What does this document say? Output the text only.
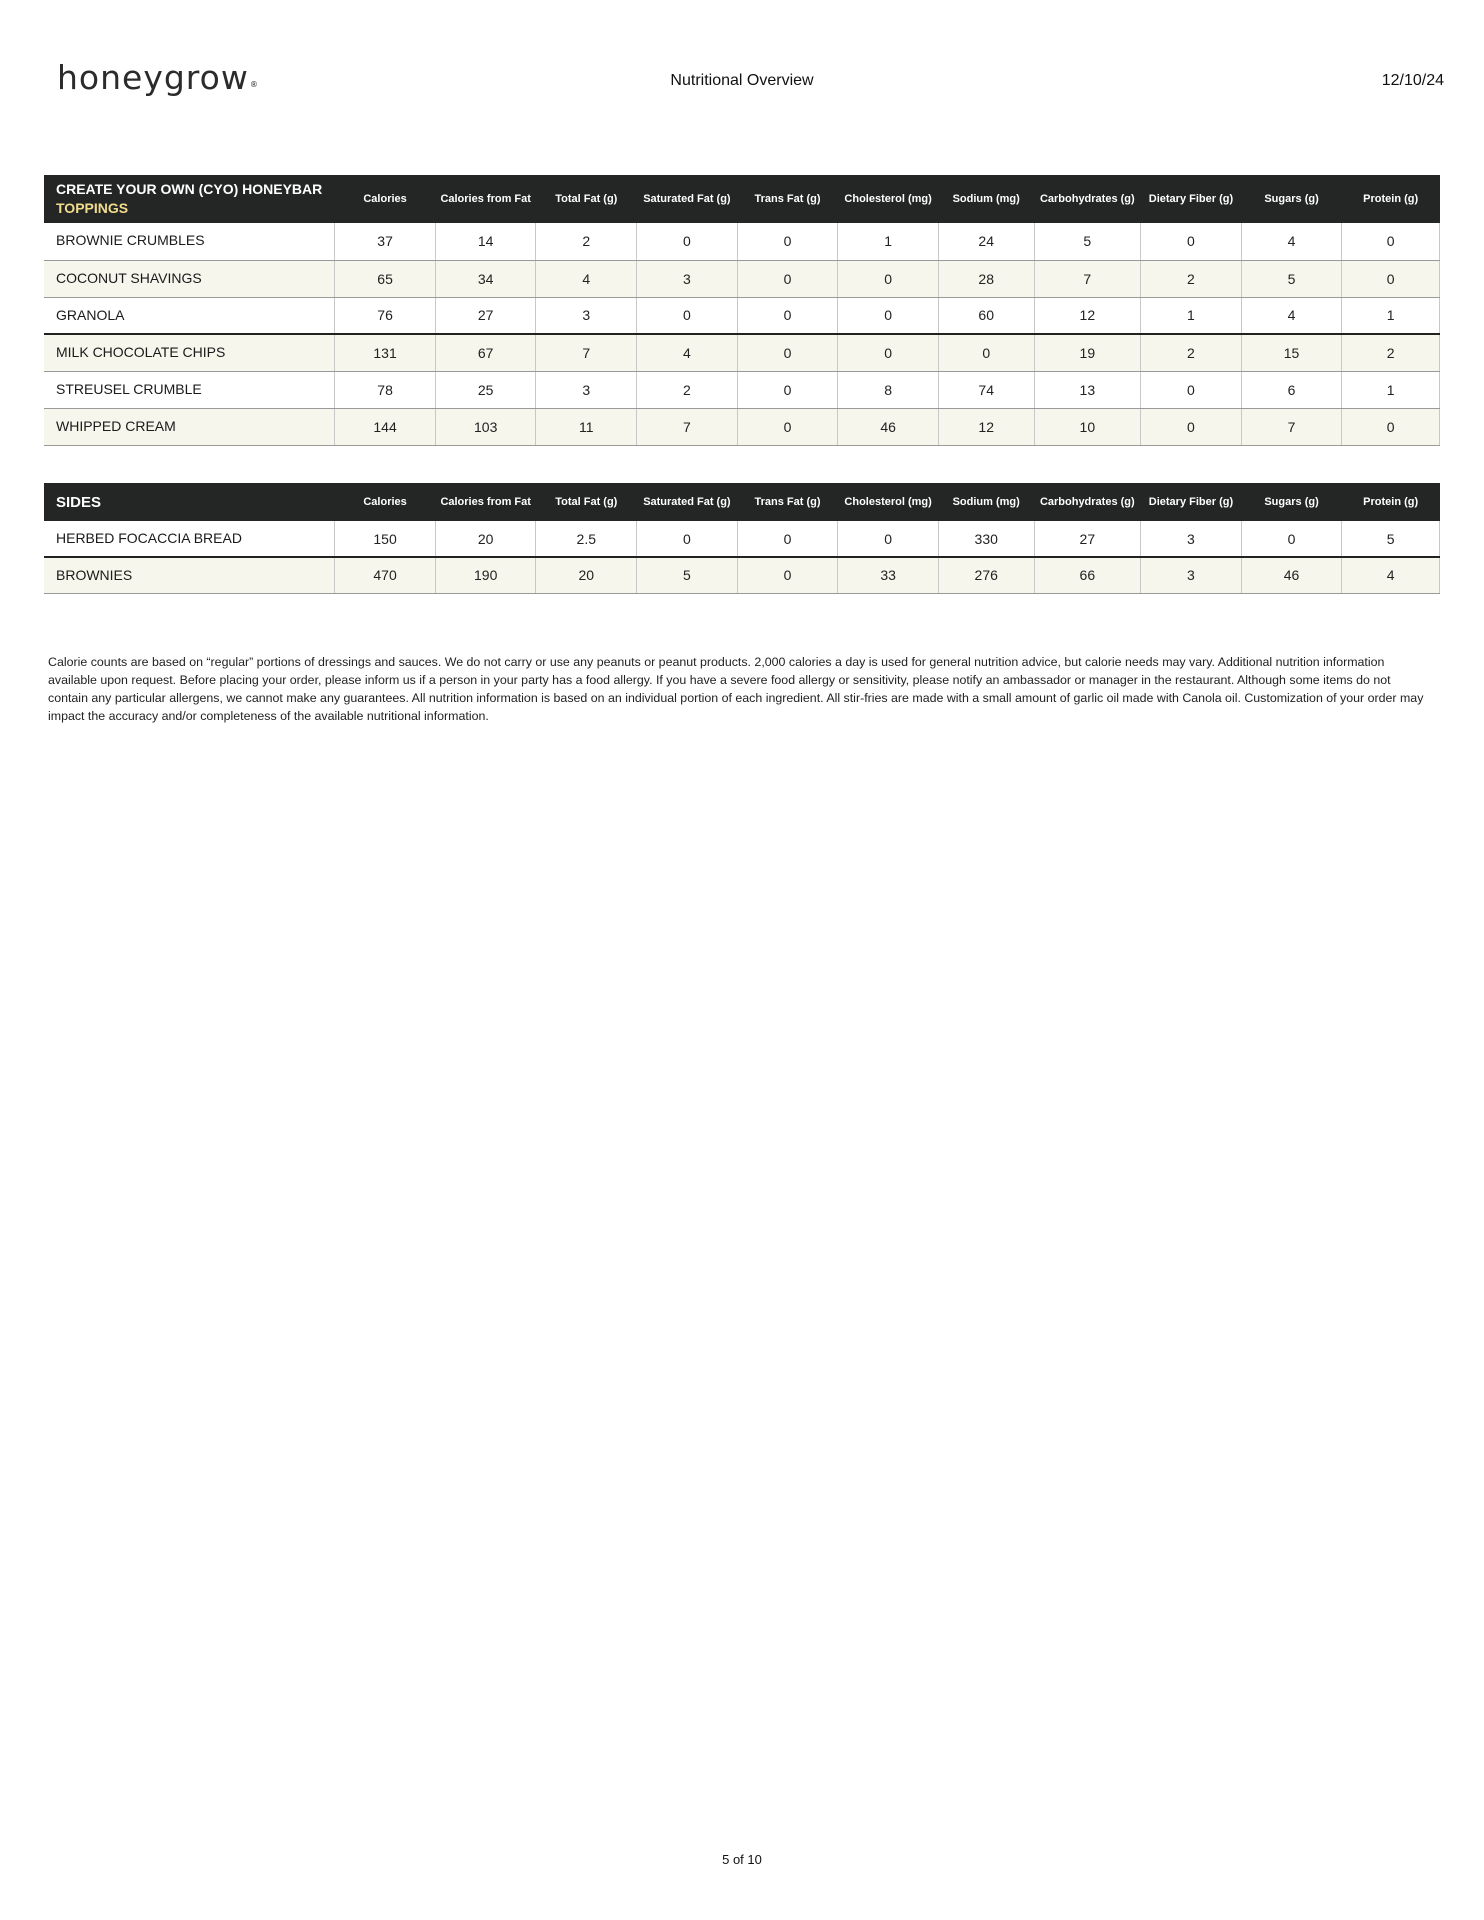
honeygrow®	Nutritional Overview	12/10/24
CREATE YOUR OWN (CYO) HONEYBAR
TOPPINGS	Calories	Calories from Fat	Total Fat (g)	Saturated Fat (g)	Trans Fat (g)	Cholesterol (mg)	Sodium (mg)	Carbohydrates (g)	Dietary Fiber (g)	Sugars (g)	Protein (g)
BROWNIE CRUMBLES	37	14	2	0	0	1	24	5	0	4	0
COCONUT SHAVINGS	65	34	4	3	0	0	28	7	2	5	0
GRANOLA	76	27	3	0	0	0	60	12	1	4	1
MILK CHOCOLATE CHIPS	131	67	7	4	0	0	0	19	2	15	2
STREUSEL CRUMBLE	78	25	3	2	0	8	74	13	0	6	1
WHIPPED CREAM	144	103	11	7	0	46	12	10	0	7	0
SIDES	Calories	Calories from Fat	Total Fat (g)	Saturated Fat (g)	Trans Fat (g)	Cholesterol (mg)	Sodium (mg)	Carbohydrates (g)	Dietary Fiber (g)	Sugars (g)	Protein (g)
HERBED FOCACCIA BREAD	150	20	2.5	0	0	0	330	27	3	0	5
BROWNIES	470	190	20	5	0	33	276	66	3	46	4

Calorie counts are based on “regular” portions of dressings and sauces. We do not carry or use any peanuts or peanut products. 2,000 calories a day is used for general nutrition advice, but calorie needs may vary. Additional nutrition information available upon request. Before placing your order, please inform us if a person in your party has a food allergy. If you have a severe food allergy or sensitivity, please notify an ambassador or manager in the restaurant. Although some items do not contain any particular allergens, we cannot make any guarantees. All nutrition information is based on an individual portion of each ingredient. All stir-fries are made with a small amount of garlic oil made with Canola oil. Customization of your order may impact the accuracy and/or completeness of the available nutritional information.

5 of 10
